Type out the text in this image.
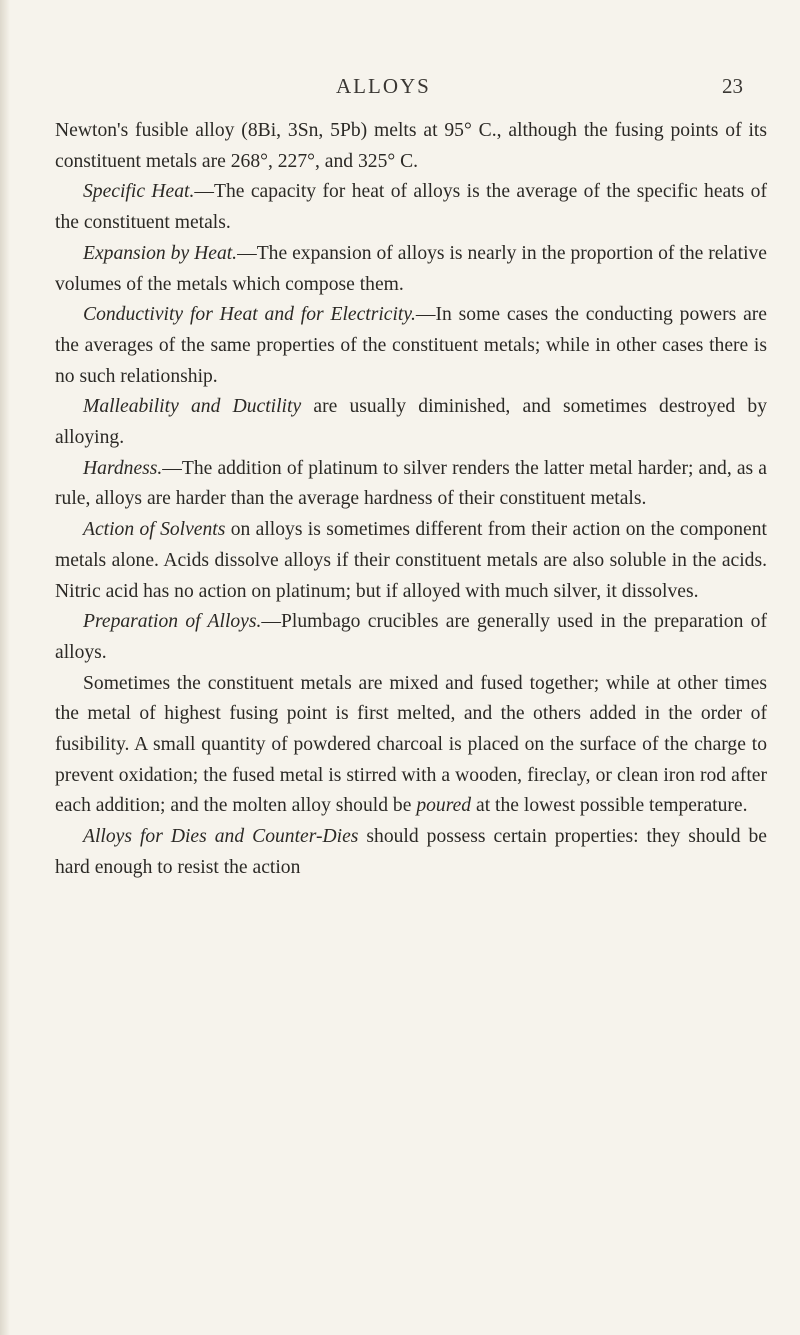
ALLOYS	23

Newton's fusible alloy (8Bi, 3Sn, 5Pb) melts at 95° C., although the fusing points of its constituent metals are 268°, 227°, and 325° C.

Specific Heat.—The capacity for heat of alloys is the average of the specific heats of the constituent metals.

Expansion by Heat.—The expansion of alloys is nearly in the proportion of the relative volumes of the metals which compose them.

Conductivity for Heat and for Electricity.—In some cases the conducting powers are the averages of the same properties of the constituent metals; while in other cases there is no such relationship.

Malleability and Ductility are usually diminished, and sometimes destroyed by alloying.

Hardness.—The addition of platinum to silver renders the latter metal harder; and, as a rule, alloys are harder than the average hardness of their constituent metals.

Action of Solvents on alloys is sometimes different from their action on the component metals alone. Acids dissolve alloys if their constituent metals are also soluble in the acids. Nitric acid has no action on platinum; but if alloyed with much silver, it dissolves.

Preparation of Alloys.—Plumbago crucibles are generally used in the preparation of alloys.

Sometimes the constituent metals are mixed and fused together; while at other times the metal of highest fusing point is first melted, and the others added in the order of fusibility. A small quantity of powdered charcoal is placed on the surface of the charge to prevent oxidation; the fused metal is stirred with a wooden, fireclay, or clean iron rod after each addition; and the molten alloy should be poured at the lowest possible temperature.

Alloys for Dies and Counter-Dies should possess certain properties: they should be hard enough to resist the action
